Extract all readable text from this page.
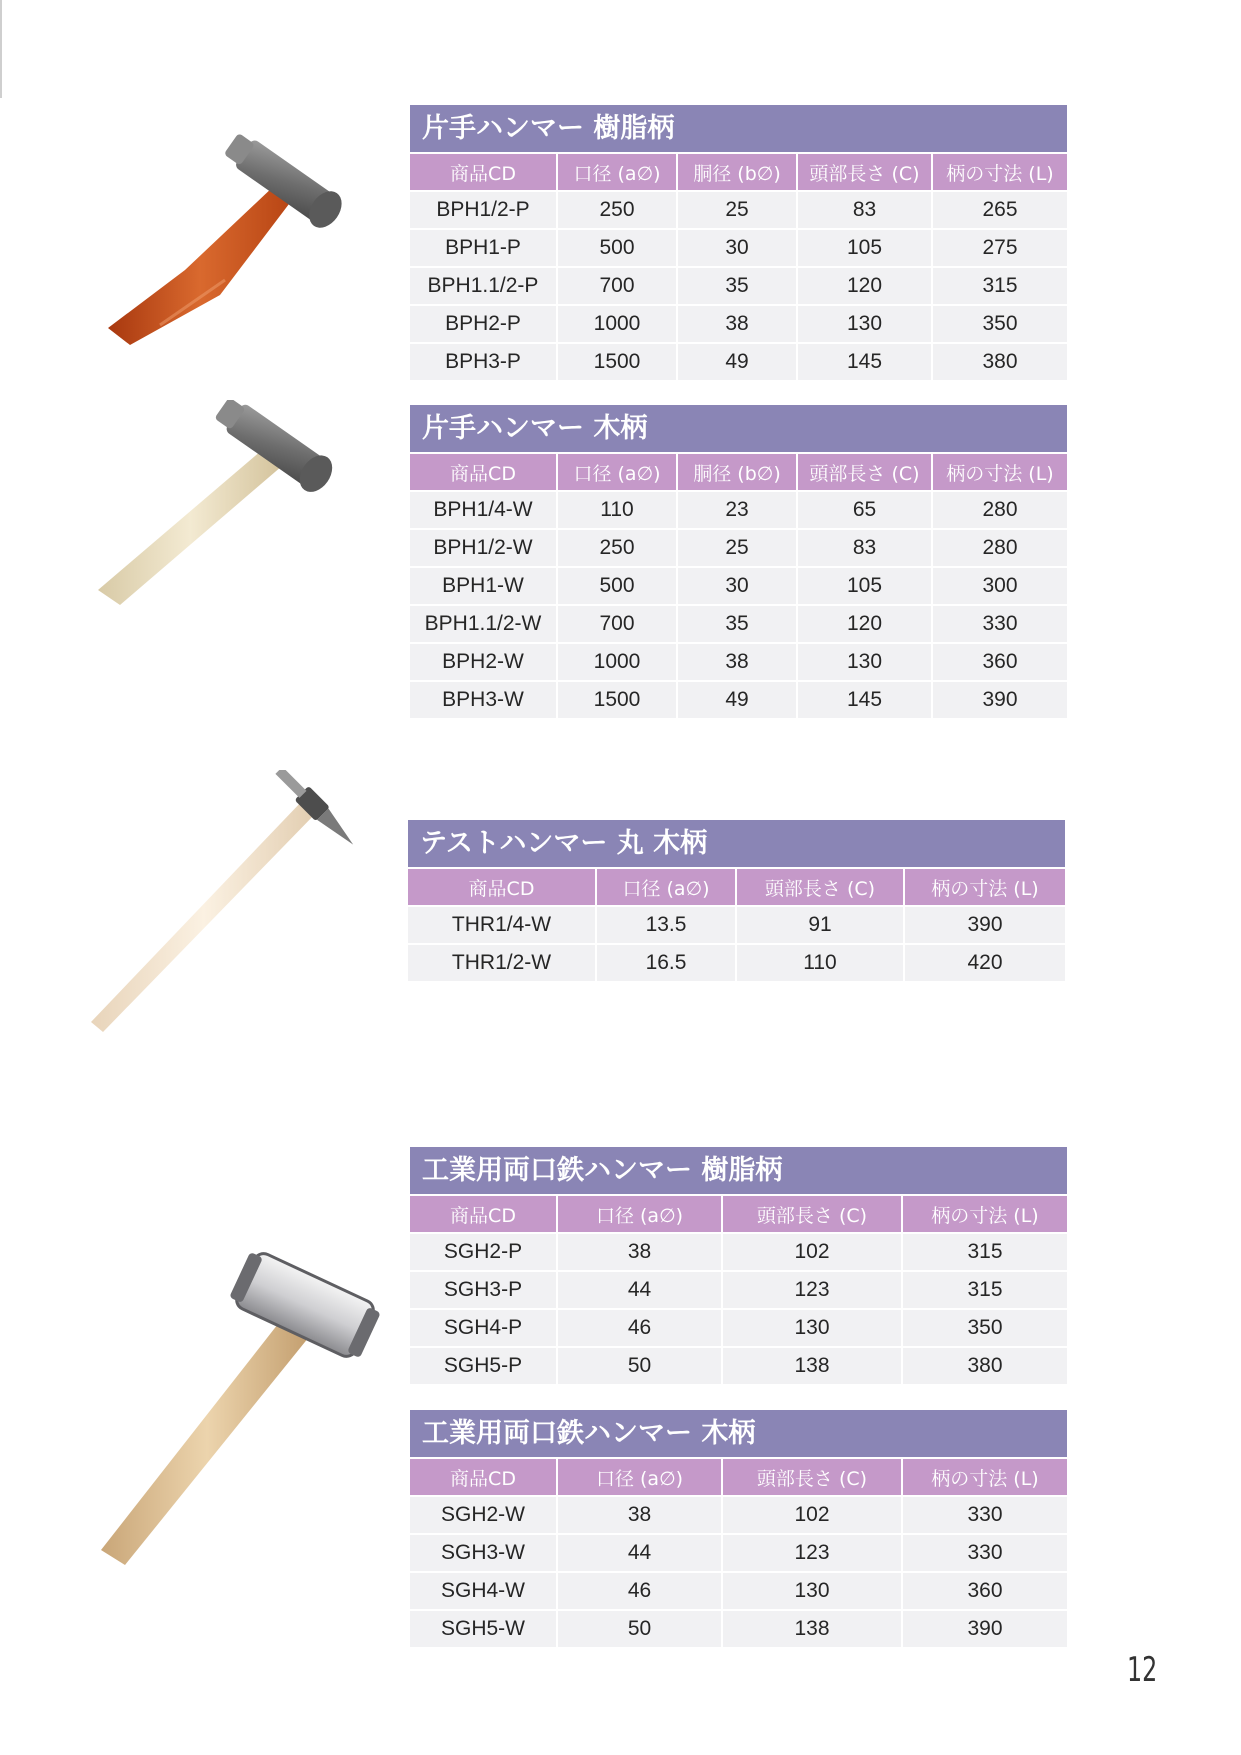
片手ハンマー 樹脂柄
商品CD	口径 (a∅)	胴径 (b∅)	頭部長さ (C)	柄の寸法 (L)
BPH1/2-P	250	25	83	265
BPH1-P	500	30	105	275
BPH1.1/2-P	700	35	120	315
BPH2-P	1000	38	130	350
BPH3-P	1500	49	145	380
片手ハンマー 木柄
商品CD	口径 (a∅)	胴径 (b∅)	頭部長さ (C)	柄の寸法 (L)
BPH1/4-W	110	23	65	280
BPH1/2-W	250	25	83	280
BPH1-W	500	30	105	300
BPH1.1/2-W	700	35	120	330
BPH2-W	1000	38	130	360
BPH3-W	1500	49	145	390
テストハンマー 丸 木柄
商品CD	口径 (a∅)	頭部長さ (C)	柄の寸法 (L)
THR1/4-W	13.5	91	390
THR1/2-W	16.5	110	420
工業用両口鉄ハンマー 樹脂柄
商品CD	口径 (a∅)	頭部長さ (C)	柄の寸法 (L)
SGH2-P	38	102	315
SGH3-P	44	123	315
SGH4-P	46	130	350
SGH5-P	50	138	380
工業用両口鉄ハンマー 木柄
商品CD	口径 (a∅)	頭部長さ (C)	柄の寸法 (L)
SGH2-W	38	102	330
SGH3-W	44	123	330
SGH4-W	46	130	360
SGH5-W	50	138	390
12
